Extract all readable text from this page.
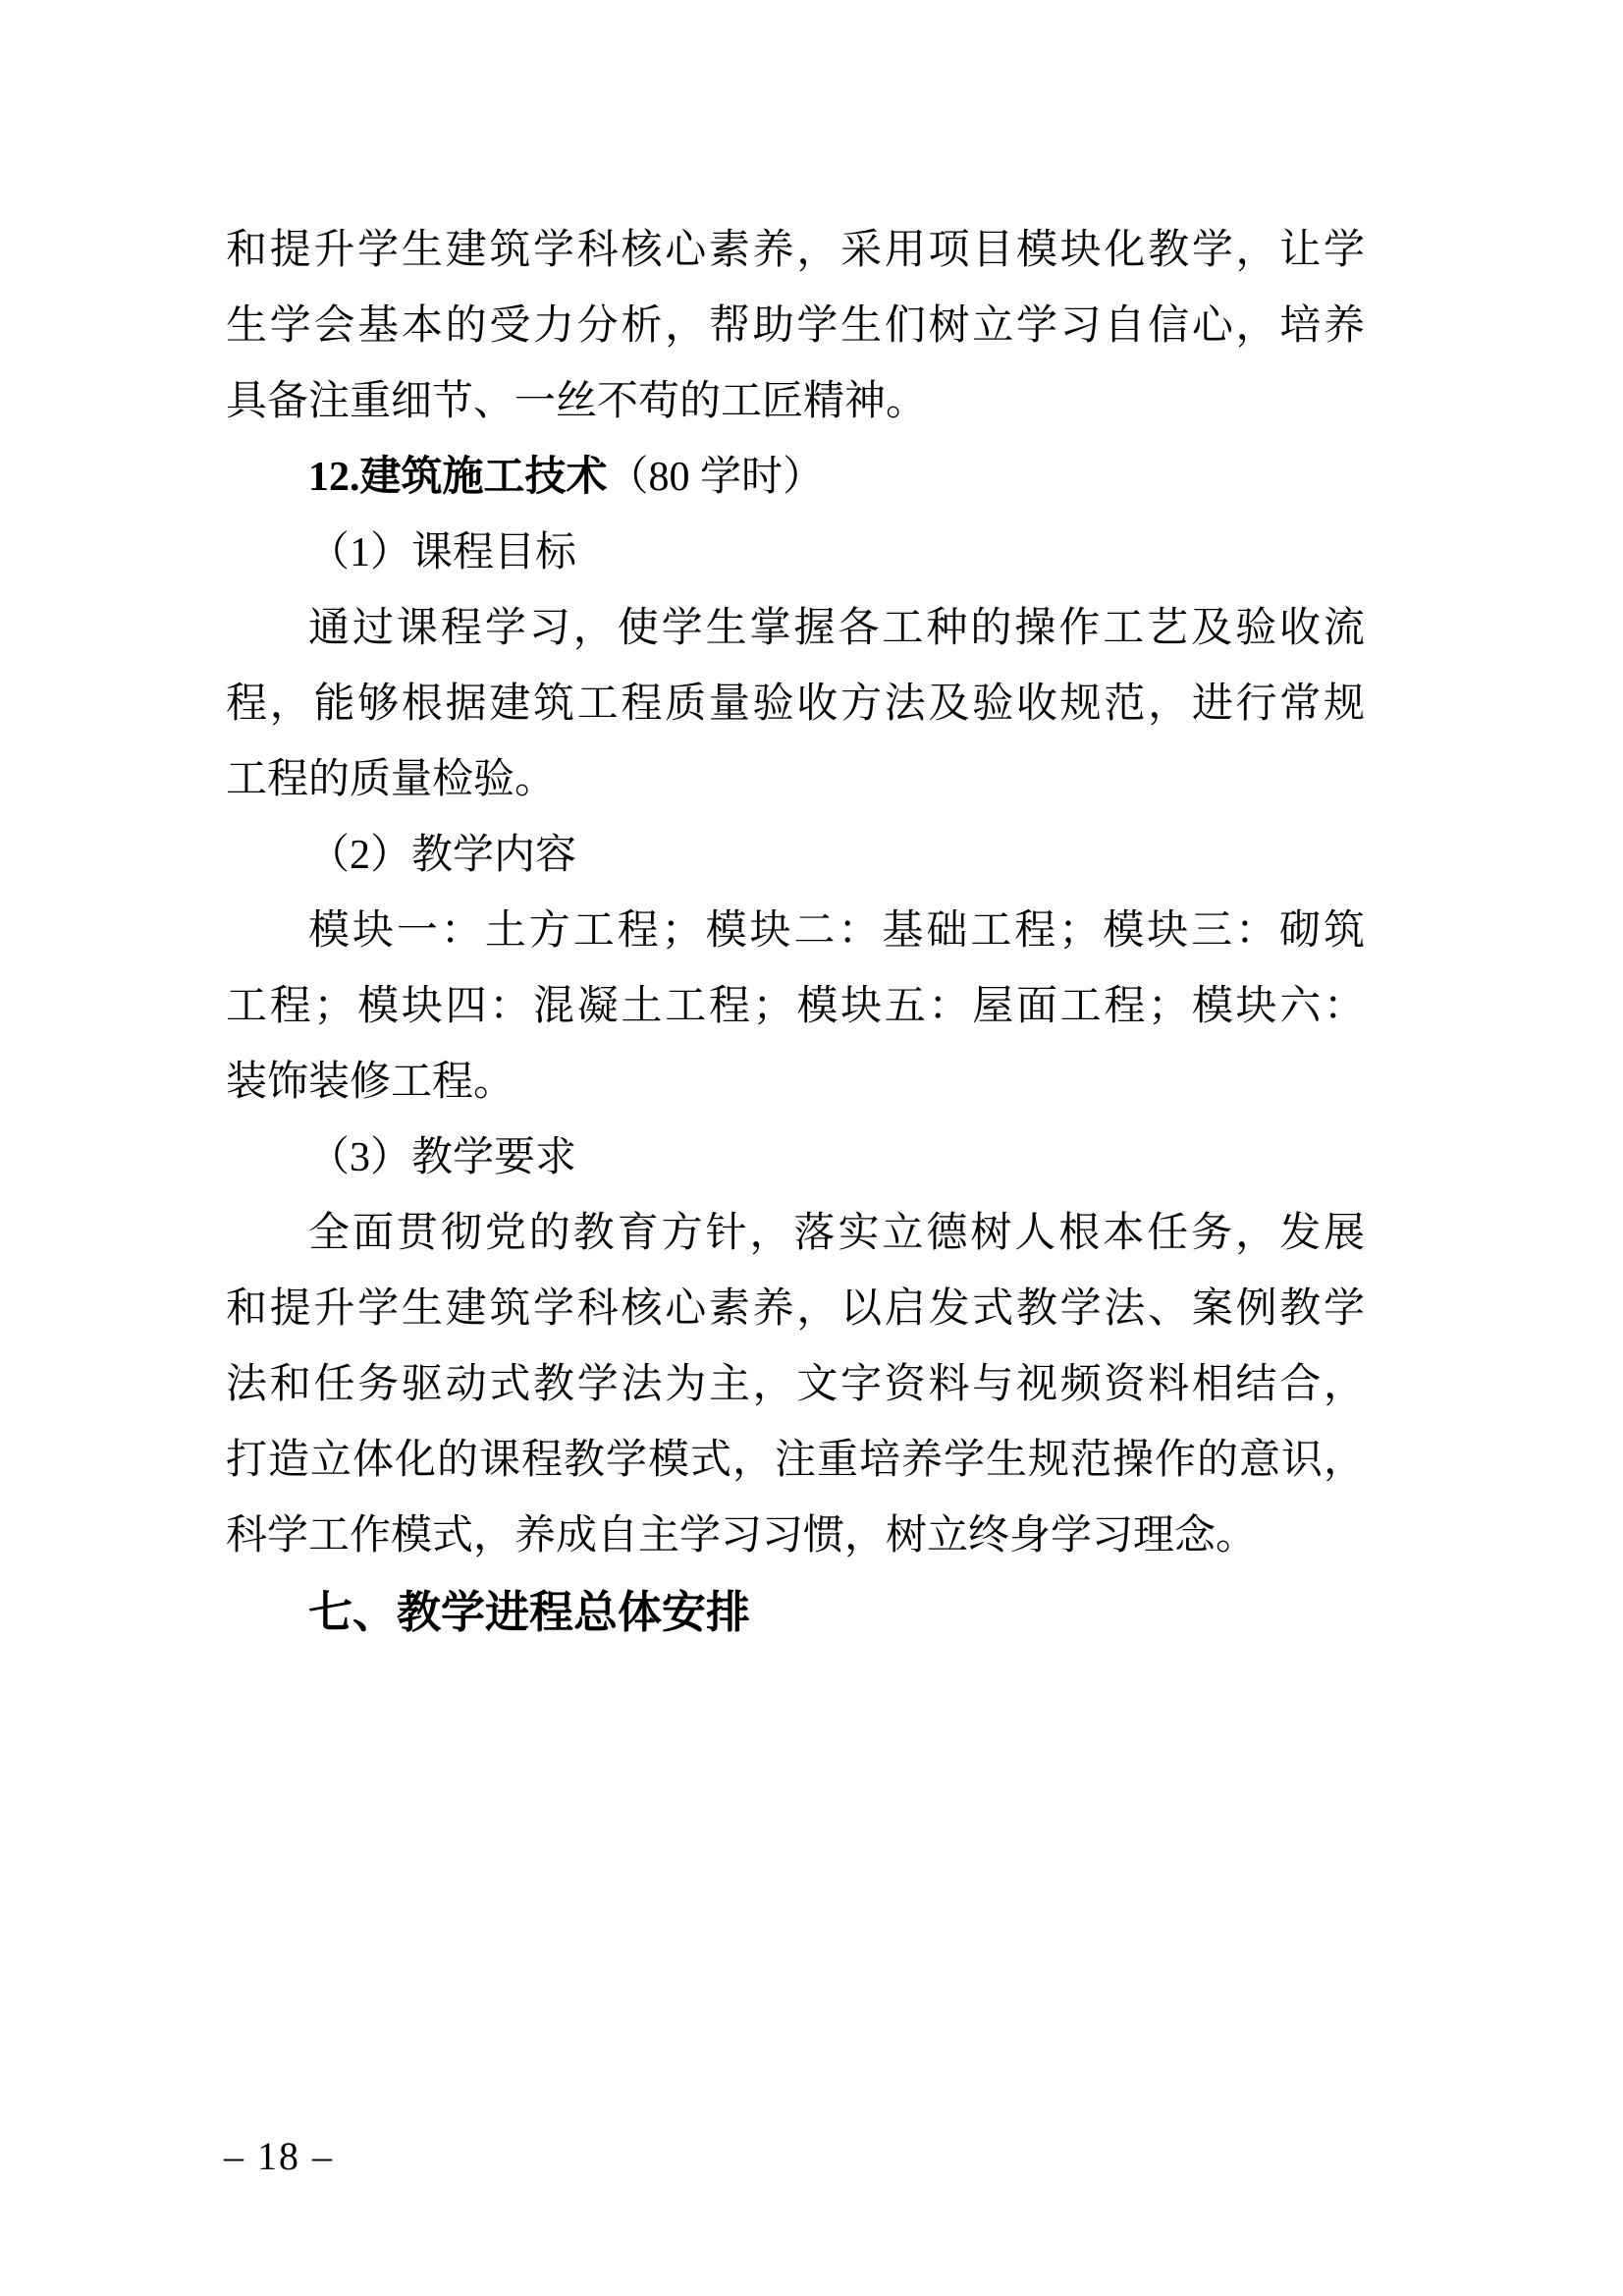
和提升学生建筑学科核心素养，采用项目模块化教学，让学
生学会基本的受力分析，帮助学生们树立学习自信心，培养
具备注重细节、一丝不苟的工匠精神。
12.建筑施工技术（80 学时）
（1）课程目标
通过课程学习，使学生掌握各工种的操作工艺及验收流
程，能够根据建筑工程质量验收方法及验收规范，进行常规
工程的质量检验。
（2）教学内容
模块一：土方工程；模块二：基础工程；模块三：砌筑
工程；模块四：混凝土工程；模块五：屋面工程；模块六：
装饰装修工程。
（3）教学要求
全面贯彻党的教育方针，落实立德树人根本任务，发展
和提升学生建筑学科核心素养，以启发式教学法、案例教学
法和任务驱动式教学法为主，文字资料与视频资料相结合，
打造立体化的课程教学模式，注重培养学生规范操作的意识，
科学工作模式，养成自主学习习惯，树立终身学习理念。
七、教学进程总体安排
– 18 –
